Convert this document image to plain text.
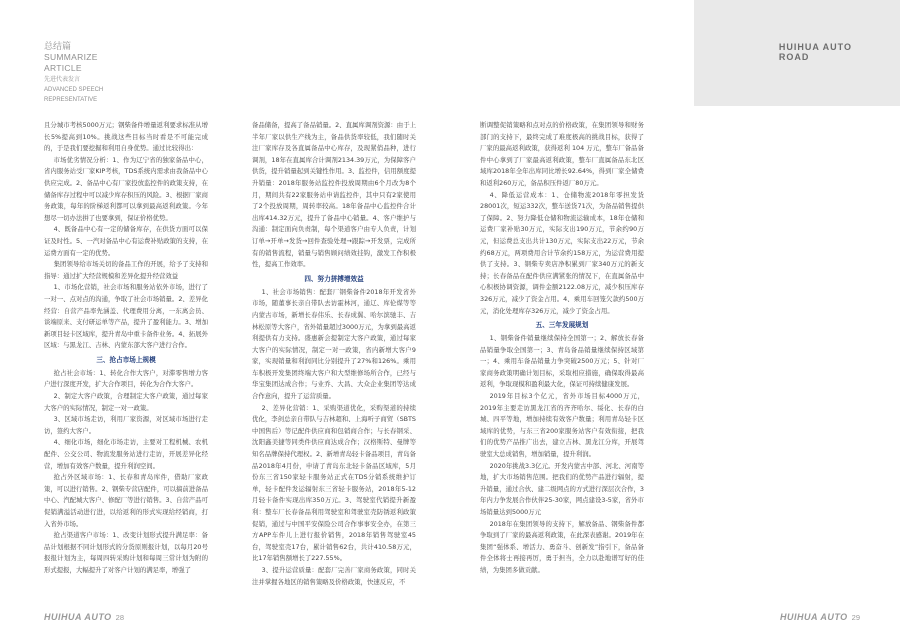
HUIHUA AUTO
ROAD
总结篇
SUMMARIZE
ARTICLE
先进代表发言
ADVANCED SPEECH
REPRESENTATIVE

且分城市考核5000万元；钢柴备件增量返利要求标准从增长5%提高到10%。挑战这些目标当时看是不可能完成的，于是我们要挖掘和利用自身优势。通过比较得出：

市场优劣情况分析：1、作为辽宁省的独家备品中心，省内服务站受厂家KIP考核，TDS系统内需求由我备品中心供应完成。2、备品中心有厂家投放监控件的政策支持，在储备库存过程中可以减少库存积压的风险。3、根据厂家商务政策，每年的阶梯返利都可以拿到最高返利政策。今年想尽一切办法拼了也要拿到，保证价格优势。

4、既备品中心有一定的储备库存，在供货方面可以保证及时性。5、一汽对备品中心有运费补贴政策的支持，在运费方面有一定的优势。

集团领导给市场关切的备品工作的开展，给予了支持和指导：通过扩大经营规模和差异化提升经营效益

1、市场化营销，社会市场和服务站依外市场，进行了一对一、点对点的沟通，争取了社会市场销量。2、差异化经营：自营产品率先涵盖、代理费用分离，一东离会员、谈端原来、支付研运单等产品，提升了盈利能力。3、增加新项目轻卡区域库，提升青岛中重卡备件业务。4、拓展外区域：与黑龙江、吉林、内蒙东部大客户进行合作。

三、抢占市场上规模

抢占社会市场：1、转化合作大客户，对滞零售增力客户进行深度开发，扩大合作项目，转化为合作大客户。

2、制定大客户政策，合理制定大客户政策，通过每家大客户的实际情况，制定一对一政策。

3、区域市场走访，利用厂家资源，对区域市场进行走访，签约大客户。

4、细化市场，细化市场走访，主要对工程机械、农机配件、公交公司、物流发服务站进行走访，开展差异化经营，增加有效客户数量，提升利润空间。

抢占外区域市场：1、长春和青岛库件，借助厂家政策，可以进行销售。2、钢柴专营店配件，可以搞前进备品中心、汽配城大客户、修配厂等进行销售。3、自营产品可促销满溢活动进行进，以给返利的形式实现给经销商，打入省外市场。

抢占渠道客户市场：1、改变计划形式提升满足率：备品计划根据不同计划形式的分货原则报计划，以每月20号报报计划为主，每周四转采购计划和每周三常计划为附的形式提报，大幅提升了对客户计划的满足率，增强了

备品储备，提高了备品销量。2、直属库调剂资源：由于上半年厂家以供生产线为主，备品供货率较低，我们随时关注厂家库存及各直属备品中心库存，及现紧俏品种，进行调剂，18年在直属库合计调剂2134.39万元，为保障客户供货，提升销量起到关键性作用。3、监控件，信用额度提升销量：2018年服务站监控件投放周期由6个月改为8个月，期间共有22家服务站申请监控件，其中只有2家使用了2个投放周期，周转率较高。18年备品中心监控件合计出库414.32万元，提升了备品中心销量。4、客户维护与沟通：制定面向负责制，每个渠道客户由专人负责，计划订单→开单→发货→回件查验处理→跟踪→开发票，完成所有的销售流程，销量与销售顾问绩效挂钩，激发工作积极性，提高工作效率。

四、努力拼搏增效益

1、社会市场销售：配套厂钢柴备件2018年开发省外市场，随董事长亲自带队去访霍林河，通辽、库伦煤等等内蒙古市场，新增长春伟乐、长春成翼、哈尔滨驰丰、吉林松原等大客户，省外销量超过3000万元，为拿到最高返利提供有力支持。盛惠新会提制定大客户政策，通过每家大客户的实际情况，制定一对一政策，省内新增大客户9家，实现销量和利润同比分别提升了27%和126%。乘用车积极开发集团终端大客户和大型维修场所合作，已经与华宝集团达成合作；与业乔、大昌、大众企业集团等达成合作意向，提升了运营质量。

2、差异化营销：1、采购渠道优化，采购渠道的持续优化，李剑总亲自带队与吉林超和、上海听子商贸（SBTS中国售后）等记配件供应商和包销商合作；与长春钢采、沈阳鑫美捷等同类件供应商达成合作；汉格斯特、曼牌等知名品牌保持代理权。2、新增青岛轻卡备品项目，青岛备品2018年4月份，申请了青岛东北轻卡备品区域库，5月份东三省150家轻卡服务站正式在TDS分销系统维护订单，轻卡配件发运辐射东三省轻卡服务站，2018年5-12月轻卡备件实现出库350万元。3、驾驶室代销提升新盈利：整车厂长春备品利用驾驶室和驾驶室壳防锈返利政策促销，通过与中国平安保险公司合作事事安全办，在第三方APP车件儿上进行报价销售，2018年销售驾驶室45台，驾驶室壳17台，累计销售62台，共计410.58万元，比17年销售额增长了227.55%。

3、提升运营质量：配套厂完善厂家商务政策，同时关注并掌握各地区的销售策略及价格政策，快速反应，不

断调整促销策略和点对点的价格政策，在集团领导和财务部门的支持下，最终完成了难度极高的挑战目标，获得了厂家的最高返利政策，获得返利 104 万元，整车厂备品备件中心拿到了厂家最高返利政策，整车厂直属备品东北区域库2018年全年出库同比增长92.64%，得到厂家全储费和返利260万元，备品积压件返厂80万元。

4、降低运营成本：1、仓储物流2018年零担发货28001次，短运332次，整车送货71次，为备品销售提供了保障。2、努力降低仓储和物流运输成本，18年仓储和运费厂家补贴30万元，实际支出190万元，节余约90万元，但运费总支出共计130万元，实际支出22万元，节余约68万元，两项费用合计节余约158万元，为运营费用提供了支持。3、钢柴专卖店净积累到厂家340万元的新支持；长春备品在配件供应满紧张的情况下，在直属备品中心积极协调资源，调件金额2122.08万元，减少积压库存326万元，减少了资金占用。4、乘用车回笼欠款约500万元，消化处理库存326万元，减少了资金占用。

五、三年发展规划

1、钢柴备件销量继续保持全国第一；2、解放长春备品销量争取全国第一；3、青岛备品销量继续保持区域第一；4、乘用车备品销量力争突破2500万元；5、针对厂家商务政策明确计划目标，采取相应措施，确保取得最高返利，争取现模和盈利最大化，保证可持续健康发展。

2019年目标3个亿元，省外市场目标4000万元，2019年主要走访黑龙江省的齐齐哈尔、绥化、长春的白城、四平等地，增加持续有效客户数量；利用青岛轻卡区域库的优势，与东三省200家服务站客户有效衔接，把我们的优势产品推广出去，建立吉林、黑龙江分库，开展驾驶室大总成销售，增加销量，提升利润。

2020年挑战3.3亿元。开发内蒙古中部、河北、河南等地，扩大市场销售范围。把我们的优势产品进行辐射，提升销量，通过合伙、建二级网点的方式进行深层次合作，3年内力争发展合作伙伴25-30家，网点建设3-5家，省外市场销量达到5000万元

2018年在集团领导的支持下，解放备品、钢柴备件都争取到了厂家的最高返利政策，在此深表感谢。2019年在集团“强体系、增活力、勇奋斗、创新发”指引下，备品备件全体将士再接再厉，勇于担当，全力以赴地谱写好的佳绩，为集团多做贡献。

HUIHUA AUTO 28	HUIHUA AUTO 29
